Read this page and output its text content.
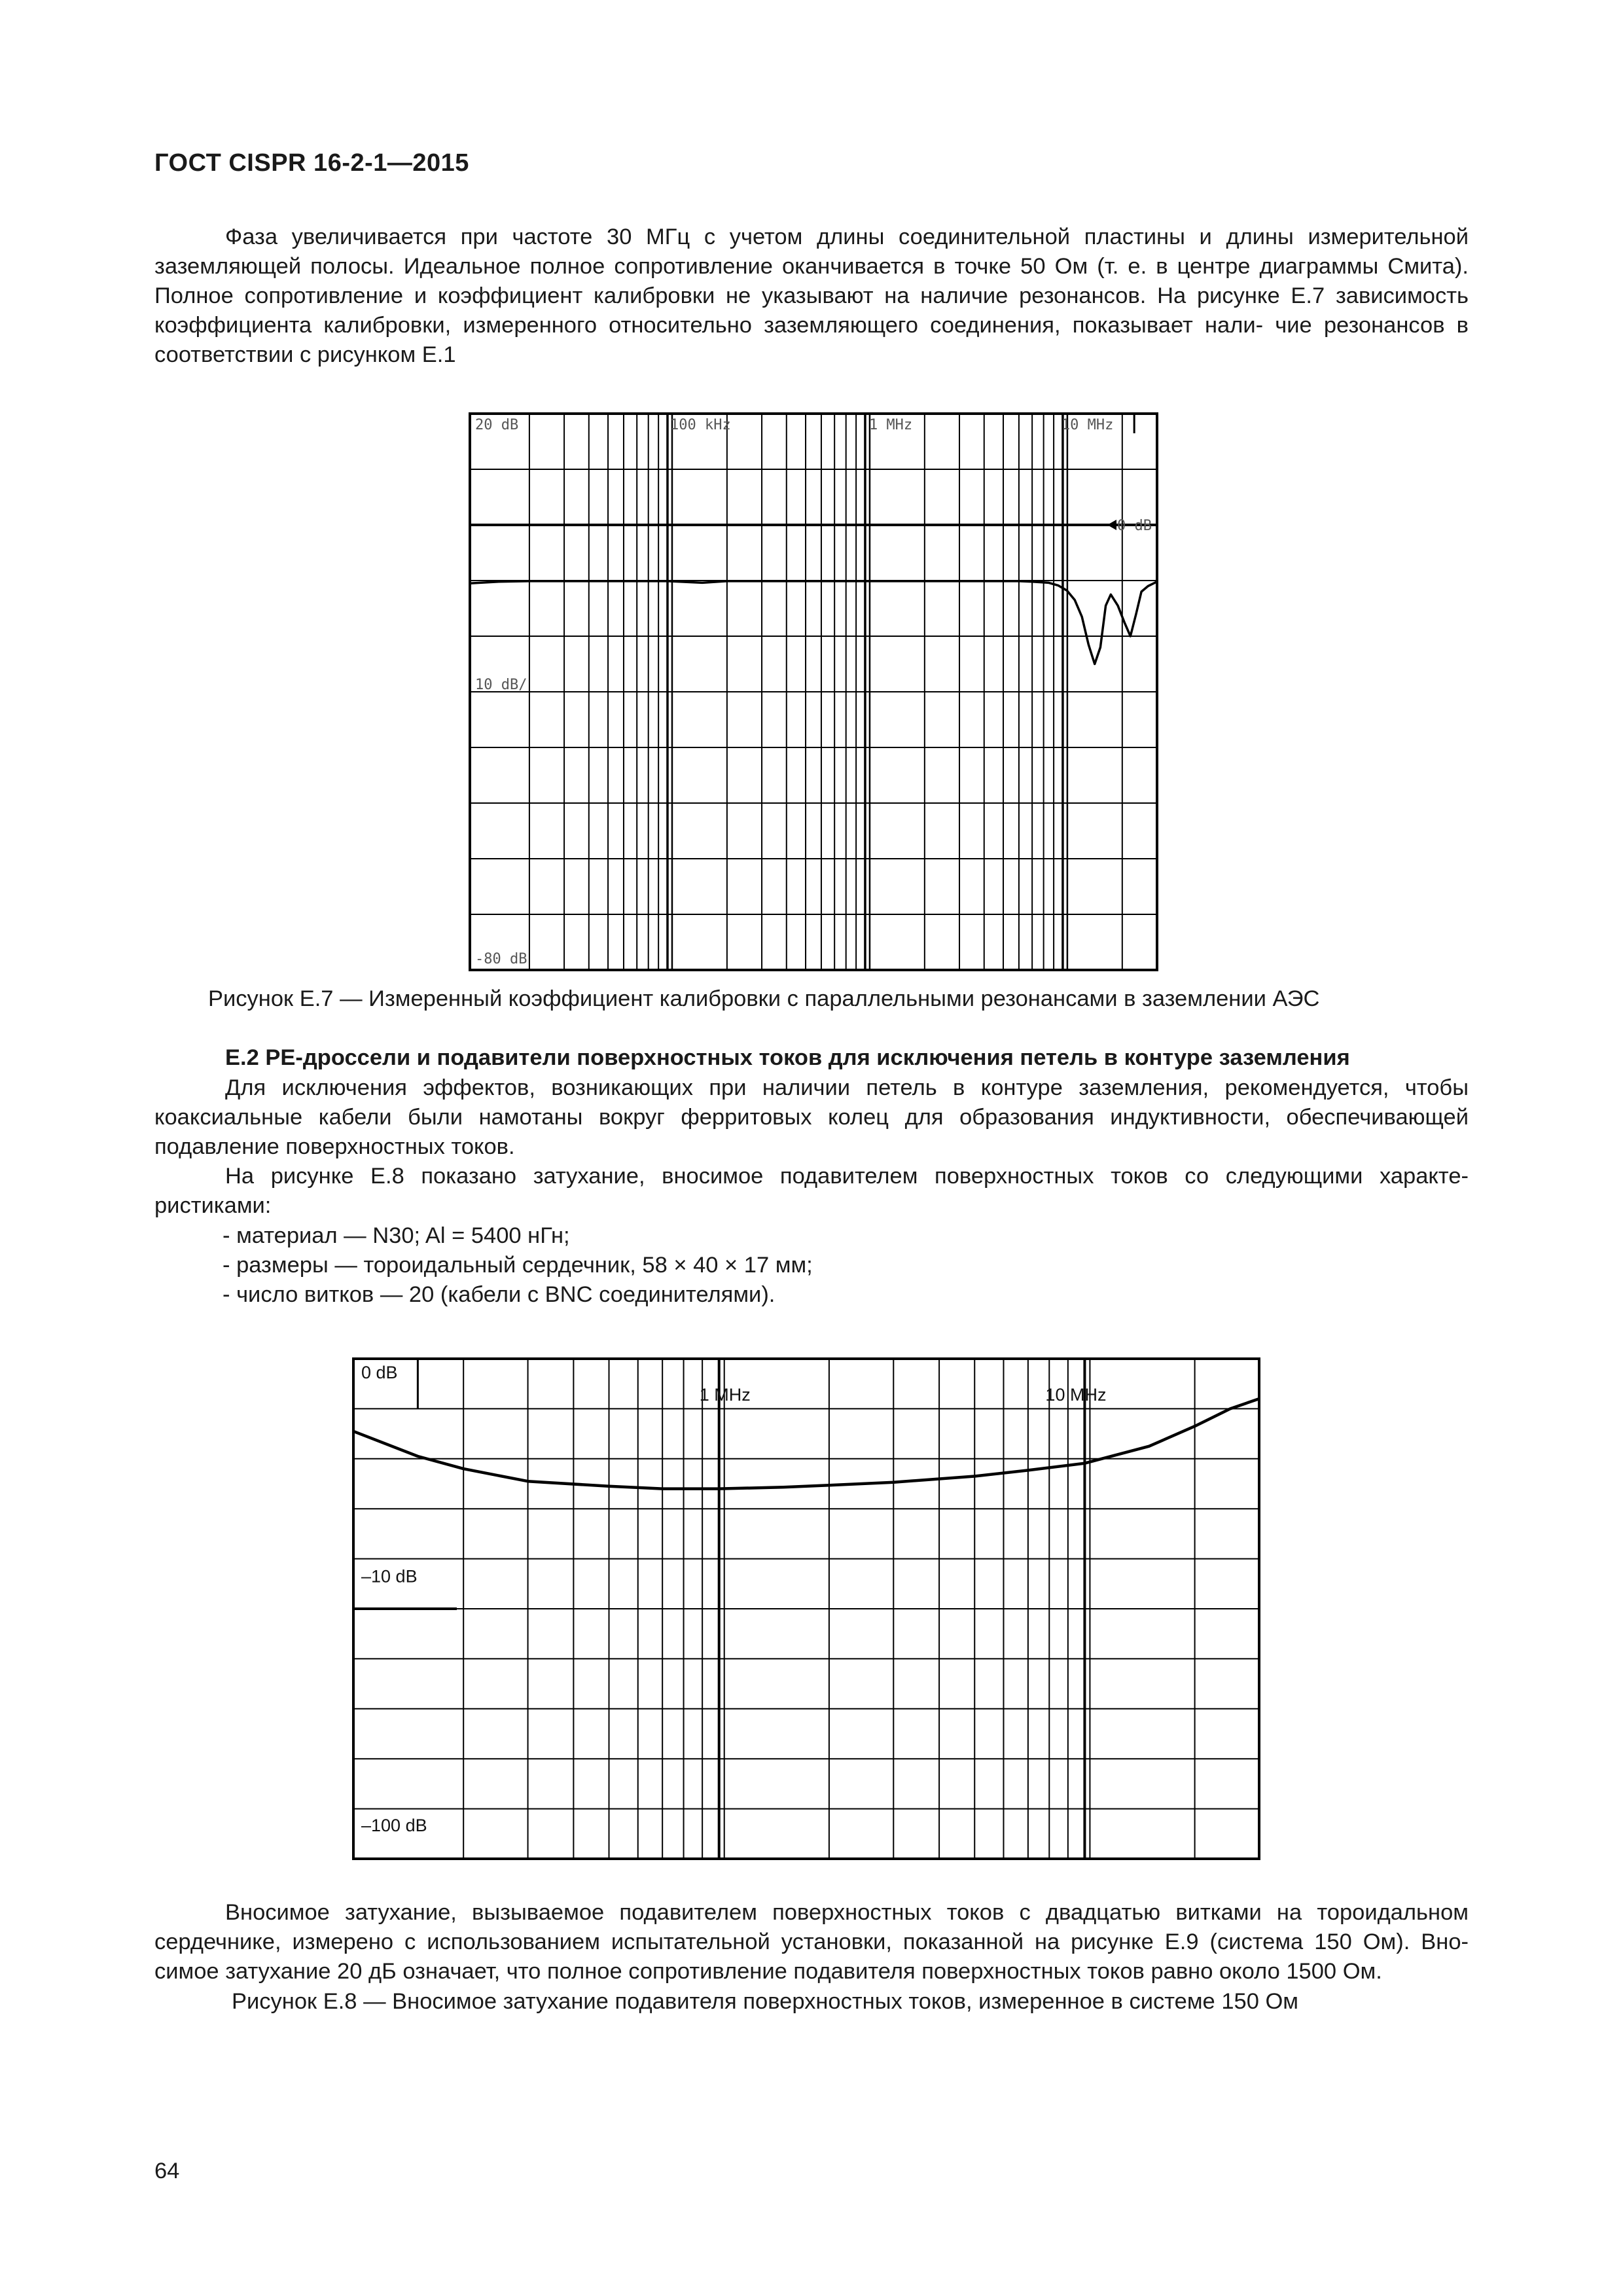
ГОСТ CISPR 16-2-1—2015
Фаза увеличивается при частоте 30 МГц с учетом длины соединительной пластины и длины измерительной заземляющей полосы. Идеальное полное сопротивление оканчивается в точке 50 Ом (т. е. в центре диаграммы Смита). Полное сопротивление и коэффициент калибровки не указывают на наличие резонансов. На рисунке Е.7 зависимость коэффициента калибровки, измеренного относительно заземляющего соединения, показывает нали- чие резонансов в соответствии с рисунком Е.1
20 dB	100 kHz	1 MHz	10 MHz
10 dB/
-80 dB
0 dB
Рисунок Е.7 — Измеренный коэффициент калибровки с параллельными резонансами в заземлении АЭС
Е.2 PE-дроссели и подавители поверхностных токов для исключения петель в контуре заземления
Для исключения эффектов, возникающих при наличии петель в контуре заземления, рекомендуется, чтобы коаксиальные кабели были намотаны вокруг ферритовых колец для образования индуктивности, обеспечивающей подавление поверхностных токов.
На рисунке Е.8 показано затухание, вносимое подавителем поверхностных токов со следующими характе- ристиками:
- материал — N30; Al = 5400 нГн;
- размеры — тороидальный сердечник, 58 × 40 × 17 мм;
- число витков — 20 (кабели с BNC соединителями).
0 dB
1 MHz	10 MHz
–10 dB
–100 dB
Вносимое затухание, вызываемое подавителем поверхностных токов с двадцатью витками на тороидальном сердечнике, измерено с использованием испытательной установки, показанной на рисунке Е.9 (система 150 Ом). Вно- симое затухание 20 дБ означает, что полное сопротивление подавителя поверхностных токов равно около 1500 Ом.
Рисунок Е.8 — Вносимое затухание подавителя поверхностных токов, измеренное в системе 150 Ом
64
